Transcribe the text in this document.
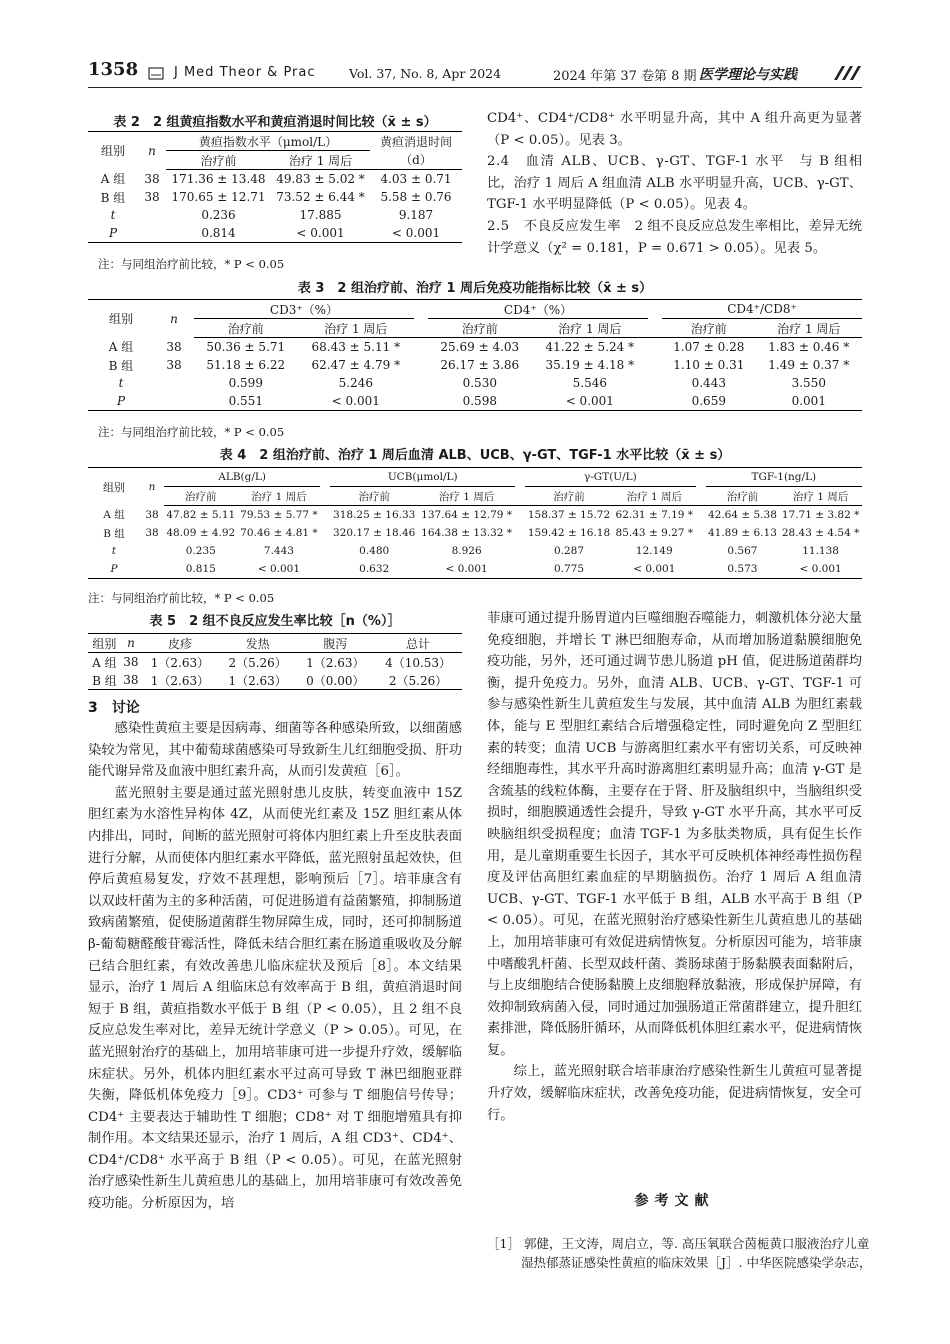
1358	J Med Theor & Prac	Vol. 37, No. 8, Apr 2024	2024 年第 37 卷第 8 期 医学理论与实践
表 2　2 组黄疸指数水平和黄疸消退时间比较（x̄ ± s）
组别	n	黄疸指数水平（μmol/L）		黄疸消退时间
		治疗前	治疗 1 周后	（d）
A 组	38	171.36 ± 13.48	49.83 ± 5.02 *	4.03 ± 0.71
B 组	38	170.65 ± 12.71	73.52 ± 6.44 *	5.58 ± 0.76
t		0.236	17.885	9.187
P		0.814	< 0.001	< 0.001
注：与同组治疗前比较，* P < 0.05

CD4⁺、CD4⁺/CD8⁺ 水平明显升高，其中 A 组升高更为显著（P < 0.05）。见表 3。

2.4　血清 ALB、UCB、γ-GT、TGF-1 水平　 与 B 组相比，治疗 1 周后 A 组血清 ALB 水平明显升高，UCB、γ-GT、TGF-1 水平明显降低（P < 0.05）。见表 4。

2.5　不良反应发生率　 2 组不良反应总发生率相比，差异无统计学意义（χ² = 0.181，P = 0.671 > 0.05）。见表 5。

表 3　2 组治疗前、治疗 1 周后免疫功能指标比较（x̄ ± s）
组别	n	CD3⁺（%）			CD4⁺（%）			CD4⁺/CD8⁺	
		治疗前	治疗 1 周后		治疗前	治疗 1 周后		治疗前	治疗 1 周后
A 组	38	50.36 ± 5.71	68.43 ± 5.11 *		25.69 ± 4.03	41.22 ± 5.24 *		1.07 ± 0.28	1.83 ± 0.46 *
B 组	38	51.18 ± 6.22	62.47 ± 4.79 *		26.17 ± 3.86	35.19 ± 4.18 *		1.10 ± 0.31	1.49 ± 0.37 *
t		0.599	5.246		0.530	5.546		0.443	3.550
P		0.551	< 0.001		0.598	< 0.001		0.659	0.001
注：与同组治疗前比较，* P < 0.05
表 4　2 组治疗前、治疗 1 周后血清 ALB、UCB、γ-GT、TGF-1 水平比较（x̄ ± s）
组别	n	ALB(g/L)			UCB(μmol/L)			γ-GT(U/L)			TGF-1(ng/L)	
		治疗前	治疗 1 周后		治疗前	治疗 1 周后		治疗前	治疗 1 周后		治疗前	治疗 1 周后
A 组	38	47.82 ± 5.11	79.53 ± 5.77 *		318.25 ± 16.33	137.64 ± 12.79 *		158.37 ± 15.72	62.31 ± 7.19 *		42.64 ± 5.38	17.71 ± 3.82 *
B 组	38	48.09 ± 4.92	70.46 ± 4.81 *		320.17 ± 18.46	164.38 ± 13.32 *		159.42 ± 16.18	85.43 ± 9.27 *		41.89 ± 6.13	28.43 ± 4.54 *
t		0.235	7.443		0.480	8.926		0.287	12.149		0.567	11.138
P		0.815	< 0.001		0.632	< 0.001		0.775	< 0.001		0.573	< 0.001
注：与同组治疗前比较，* P < 0.05
表 5　2 组不良反应发生率比较［n（%）］
组别	n	皮疹	发热	腹泻	总计
A 组	38	1（2.63）	2（5.26）	1（2.63）	4（10.53）
B 组	38	1（2.63）	1（2.63）	0（0.00）	2（5.26）
3　讨论

感染性黄疸主要是因病毒、细菌等各种感染所致，以细菌感染较为常见，其中葡萄球菌感染可导致新生儿红细胞受损、肝功能代谢异常及血液中胆红素升高，从而引发黄疸［6］。

蓝光照射主要是通过蓝光照射患儿皮肤，转变血液中 15Z 胆红素为水溶性异构体 4Z，从而使光红素及 15Z 胆红素从体内排出，同时，间断的蓝光照射可将体内胆红素上升至皮肤表面进行分解，从而使体内胆红素水平降低，蓝光照射虽起效快，但停后黄疸易复发，疗效不甚理想，影响预后［7］。培菲康含有以双歧杆菌为主的多种活菌，可促进肠道有益菌繁殖，抑制肠道致病菌繁殖，促使肠道菌群生物屏障生成，同时，还可抑制肠道 β-葡萄糖醛酸苷霉活性，降低未结合胆红素在肠道重吸收及分解已结合胆红素，有效改善患儿临床症状及预后［8］。本文结果显示，治疗 1 周后 A 组临床总有效率高于 B 组，黄疸消退时间短于 B 组，黄疸指数水平低于 B 组（P < 0.05），且 2 组不良反应总发生率对比，差异无统计学意义（P > 0.05）。可见，在蓝光照射治疗的基础上，加用培菲康可进一步提升疗效，缓解临床症状。另外，机体内胆红素水平过高可导致 T 淋巴细胞亚群失衡，降低机体免疫力［9］。CD3⁺ 可参与 T 细胞信号传导；CD4⁺ 主要表达于辅助性 T 细胞；CD8⁺ 对 T 细胞增殖具有抑制作用。本文结果还显示，治疗 1 周后，A 组 CD3⁺、CD4⁺、CD4⁺/CD8⁺ 水平高于 B 组（P < 0.05）。可见，在蓝光照射治疗感染性新生儿黄疸患儿的基础上，加用培菲康可有效改善免疫功能。分析原因为，培

菲康可通过提升肠胃道内巨噬细胞吞噬能力，刺激机体分泌大量免疫细胞，并增长 T 淋巴细胞寿命，从而增加肠道黏膜细胞免疫功能，另外，还可通过调节患儿肠道 pH 值，促进肠道菌群均衡，提升免疫力。另外，血清 ALB、UCB、γ-GT、TGF-1 可参与感染性新生儿黄疸发生与发展，其中血清 ALB 为胆红素载体，能与 E 型胆红素结合后增强稳定性，同时避免向 Z 型胆红素的转变；血清 UCB 与游离胆红素水平有密切关系，可反映神经细胞毒性，其水平升高时游离胆红素明显升高；血清 γ-GT 是含巯基的线粒体酶，主要存在于肾、肝及脑组织中，当脑组织受损时，细胞膜通透性会提升，导致 γ-GT 水平升高，其水平可反映脑组织受损程度；血清 TGF-1 为多肽类物质，具有促生长作用，是儿童期重要生长因子，其水平可反映机体神经毒性损伤程度及评估高胆红素血症的早期脑损伤。治疗 1 周后 A 组血清 UCB、γ-GT、TGF-1 水平低于 B 组，ALB 水平高于 B 组（P < 0.05）。可见，在蓝光照射治疗感染性新生儿黄疸患儿的基础上，加用培菲康可有效促进病情恢复。分析原因可能为，培菲康中嗜酸乳杆菌、长型双歧杆菌、粪肠球菌于肠黏膜表面黏附后，与上皮细胞结合使肠黏膜上皮细胞释放黏液，形成保护屏障，有效抑制致病菌入侵，同时通过加强肠道正常菌群建立，提升胆红素排泄，降低肠肝循环，从而降低机体胆红素水平，促进病情恢复。

综上，蓝光照射联合培菲康治疗感染性新生儿黄疸可显著提升疗效，缓解临床症状，改善免疫功能，促进病情恢复，安全可行。

参考文献
［1］ 郭健，王文涛，周启立，等. 高压氧联合茵栀黄口服液治疗儿童
湿热郁蒸证感染性黄疸的临床效果［J］. 中华医院感染学杂志，
